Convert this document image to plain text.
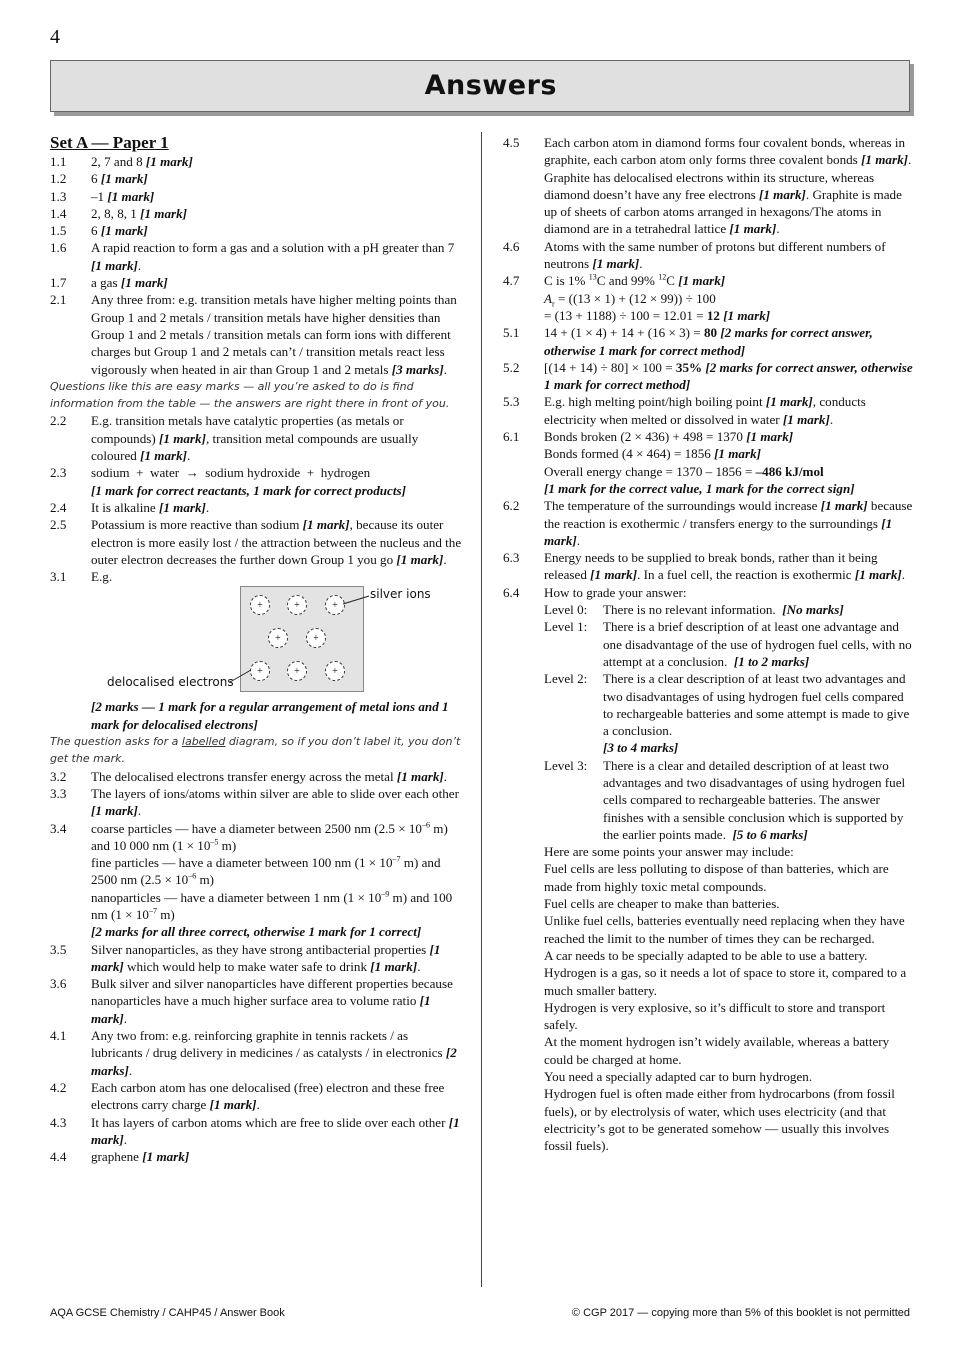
4
Answers
Set A — Paper 1
1.1	2, 7 and 8 [1 mark]
1.2	6 [1 mark]
1.3	–1 [1 mark]
1.4	2, 8, 8, 1 [1 mark]
1.5	6 [1 mark]
1.6	A rapid reaction to form a gas and a solution with a pH greater than 7 [1 mark].
1.7	a gas [1 mark]
2.1	Any three from: e.g. transition metals have higher melting points than Group 1 and 2 metals / transition metals have higher densities than Group 1 and 2 metals / transition metals can form ions with different charges but Group 1 and 2 metals can’t / transition metals react less vigorously when heated in air than Group 1 and 2 metals [3 marks].
Questions like this are easy marks — all you’re asked to do is find information from the table — the answers are right there in front of you.
2.2	E.g. transition metals have catalytic properties (as metals or compounds) [1 mark], transition metal compounds are usually coloured [1 mark].
2.3	sodium  +  water  →  sodium hydroxide  +  hydrogen
[1 mark for correct reactants, 1 mark for correct products]
2.4	It is alkaline [1 mark].
2.5	Potassium is more reactive than sodium [1 mark], because its outer electron is more easily lost / the attraction between the nucleus and the outer electron decreases the further down Group 1 you go [1 mark].
3.1	E.g.
+	+	+
+	+
+	+	+
silver ions
delocalised electrons
[2 marks — 1 mark for a regular arrangement of metal ions and 1 mark for delocalised electrons]
The question asks for a labelled diagram, so if you don’t label it, you don’t get the mark.
3.2	The delocalised electrons transfer energy across the metal [1 mark].
3.3	The layers of ions/atoms within silver are able to slide over each other [1 mark].
3.4	coarse particles — have a diameter between 2500 nm ($2.5 \times 10^{-6}$ m) and 10 000 nm ($1 \times 10^{-5}$ m)
fine particles — have a diameter between 100 nm ($1 \times 10^{-7}$ m) and 2500 nm ($2.5 \times 10^{-6}$ m)
nanoparticles — have a diameter between 1 nm ($1 \times 10^{-9}$ m) and 100 nm ($1 \times 10^{-7}$ m)
[2 marks for all three correct, otherwise 1 mark for 1 correct]
3.5	Silver nanoparticles, as they have strong antibacterial properties [1 mark] which would help to make water safe to drink [1 mark].
3.6	Bulk silver and silver nanoparticles have different properties because nanoparticles have a much higher surface area to volume ratio [1 mark].
4.1	Any two from: e.g. reinforcing graphite in tennis rackets / as lubricants / drug delivery in medicines / as catalysts / in electronics [2 marks].
4.2	Each carbon atom has one delocalised (free) electron and these free electrons carry charge [1 mark].
4.3	It has layers of carbon atoms which are free to slide over each other [1 mark].
4.4	graphene [1 mark]
4.5	Each carbon atom in diamond forms four covalent bonds, whereas in graphite, each carbon atom only forms three covalent bonds [1 mark]. Graphite has delocalised electrons within its structure, whereas diamond doesn’t have any free electrons [1 mark]. Graphite is made up of sheets of carbon atoms arranged in hexagons/The atoms in diamond are in a tetrahedral lattice [1 mark].
4.6	Atoms with the same number of protons but different numbers of neutrons [1 mark].
4.7	C is 1% $^{13}$C and 99% $^{12}$C [1 mark]
$A_r = ((13 \times 1) + (12 \times 99)) \div 100$
= (13 + 1188) ÷ 100 = 12.01 = 12 [1 mark]
5.1	14 + (1 × 4) + 14 + (16 × 3) = 80 [2 marks for correct answer, otherwise 1 mark for correct method]
5.2	[(14 + 14) ÷ 80] × 100 = 35% [2 marks for correct answer, otherwise 1 mark for correct method]
5.3	E.g. high melting point/high boiling point [1 mark], conducts electricity when melted or dissolved in water [1 mark].
6.1	Bonds broken (2 × 436) + 498 = 1370 [1 mark]
Bonds formed (4 × 464) = 1856 [1 mark]
Overall energy change = 1370 – 1856 = –486 kJ/mol
[1 mark for the correct value, 1 mark for the correct sign]
6.2	The temperature of the surroundings would increase [1 mark] because the reaction is exothermic / transfers energy to the surroundings [1 mark].
6.3	Energy needs to be supplied to break bonds, rather than it being released [1 mark]. In a fuel cell, the reaction is exothermic [1 mark].
6.4	How to grade your answer:
Level 0:	There is no relevant information.  [No marks]
Level 1:	There is a brief description of at least one advantage and one disadvantage of the use of hydrogen fuel cells, with no attempt at a conclusion.  [1 to 2 marks]
Level 2:	There is a clear description of at least two advantages and two disadvantages of using hydrogen fuel cells compared to rechargeable batteries and some attempt is made to give a conclusion.
[3 to 4 marks]
Level 3:	There is a clear and detailed description of at least two advantages and two disadvantages of using hydrogen fuel cells compared to rechargeable batteries. The answer finishes with a sensible conclusion which is supported by the earlier points made.  [5 to 6 marks]
Here are some points your answer may include:
Fuel cells are less polluting to dispose of than batteries, which are made from highly toxic metal compounds.
Fuel cells are cheaper to make than batteries.
Unlike fuel cells, batteries eventually need replacing when they have reached the limit to the number of times they can be recharged.
A car needs to be specially adapted to be able to use a battery.
Hydrogen is a gas, so it needs a lot of space to store it, compared to a much smaller battery.
Hydrogen is very explosive, so it’s difficult to store and transport safely.
At the moment hydrogen isn’t widely available, whereas a battery could be charged at home.
You need a specially adapted car to burn hydrogen.
Hydrogen fuel is often made either from hydrocarbons (from fossil fuels), or by electrolysis of water, which uses electricity (and that electricity’s got to be generated somehow — usually this involves fossil fuels).
AQA GCSE Chemistry / CAHP45 / Answer Book	© CGP 2017 — copying more than 5% of this booklet is not permitted
